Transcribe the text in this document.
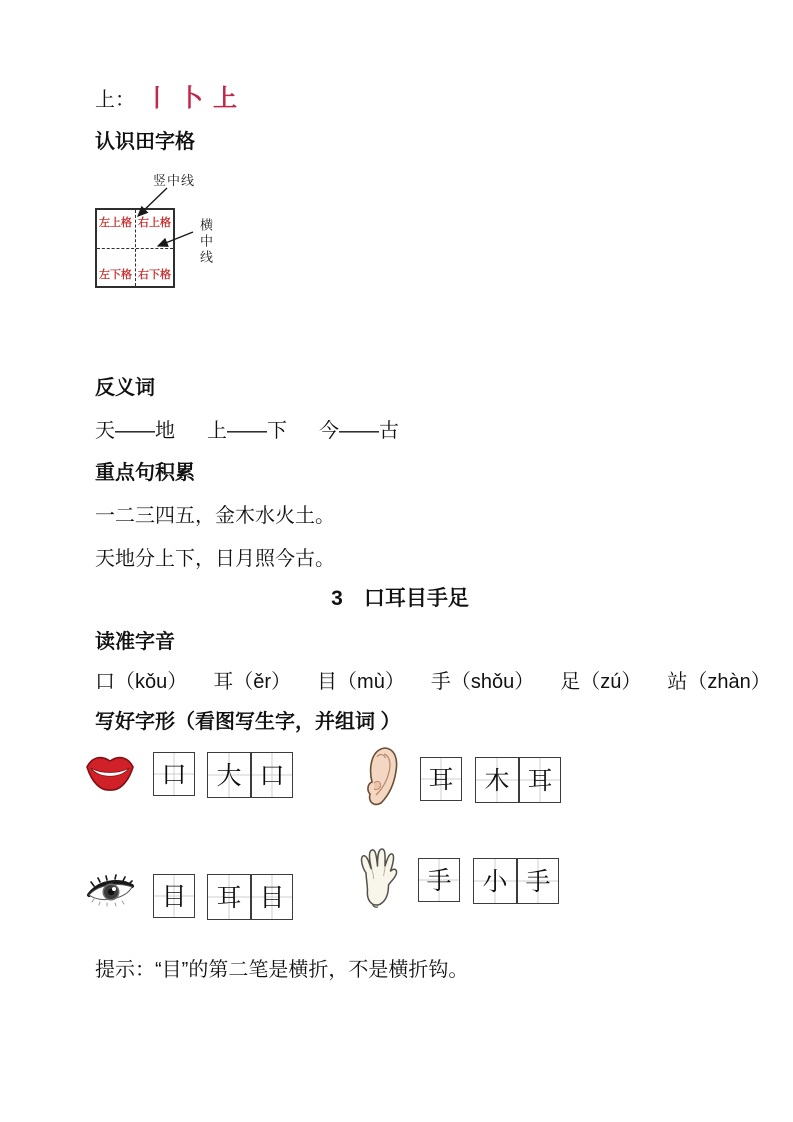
上： 丨 卜 上
认识田字格
左上格 右上格
左下格 右下格
竖中线
横中线
反义词
天——地 上——下 今——古
重点句积累
一二三四五，金木水火土。
天地分上下，日月照今古。
3　口耳目手足
读准字音
口（kǒu） 耳（ěr） 目（mù） 手（shǒu） 足（zú） 站（zhàn）
写好字形（看图写生字，并组词 ）
口 大 口	耳 木 耳
目 耳 目
手 小 手
提示：“目”的第二笔是横折，不是横折钩。
